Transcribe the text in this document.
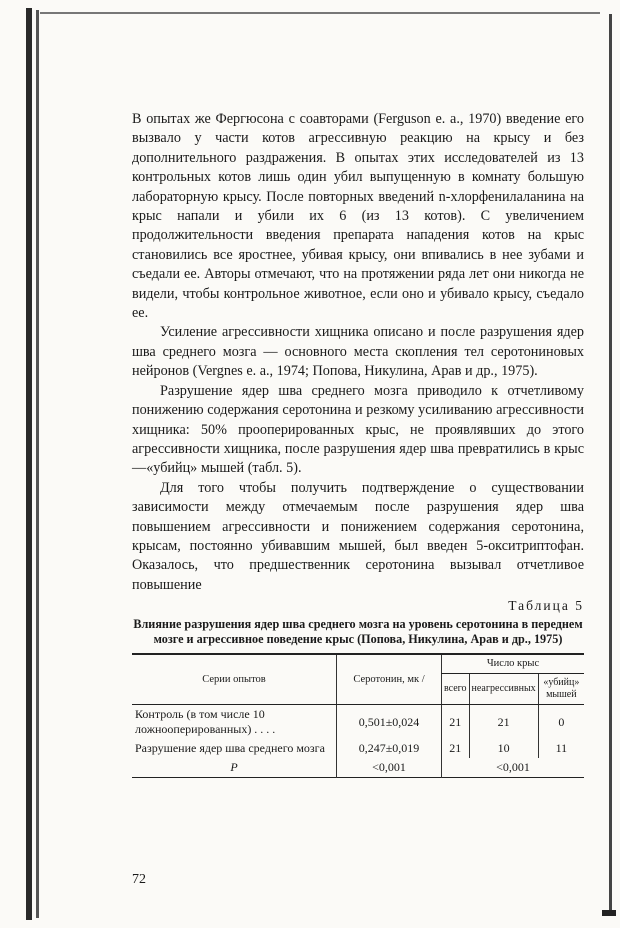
В опытах же Фергюсона с соавторами (Ferguson e. a., 1970) введение его вызвало у части котов агрессивную реакцию на крысу и без дополнительного раздражения. В опытах этих исследователей из 13 контрольных котов лишь один убил выпущенную в комнату большую лабораторную крысу. После повторных введений n-хлорфенилаланина на крыс напали и убили их 6 (из 13 котов). С увеличением продолжительности введения препарата нападения котов на крыс становились все яростнее, убивая крысу, они впивались в нее зубами и съедали ее. Авторы отмечают, что на протяжении ряда лет они никогда не видели, чтобы контрольное животное, если оно и убивало крысу, съедало ее.

Усиление агрессивности хищника описано и после разрушения ядер шва среднего мозга — основного места скопления тел серотониновых нейронов (Vergnes e. a., 1974; Попова, Никулина, Арав и др., 1975).

Разрушение ядер шва среднего мозга приводило к отчетливому понижению содержания серотонина и резкому усиливанию агрессивности хищника: 50% прооперированных крыс, не проявлявших до этого агрессивности хищника, после разрушения ядер шва превратились в крыс —«убийц» мышей (табл. 5).

Для того чтобы получить подтверждение о существовании зависимости между отмечаемым после разрушения ядер шва повышением агрессивности и понижением содержания серотонина, крысам, постоянно убивавшим мышей, был введен 5-окситриптофан. Оказалось, что предшественник серотонина вызывал отчетливое повышение

Таблица 5
Влияние разрушения ядер шва среднего мозга на уровень серотонина в переднем мозге и агрессивное поведение крыс (Попова, Никулина, Арав и др., 1975)
Серии опытов	Серотонин, мк /	Число крыс		
		всего	неагрессивных	«убийц» мышей
Контроль (в том числе 10 ложнооперированных) . . . .	0,501±0,024	21	21	0
Разрушение ядер шва среднего мозга	0,247±0,019	21	10	11
P	<0,001	<0,001		
72
